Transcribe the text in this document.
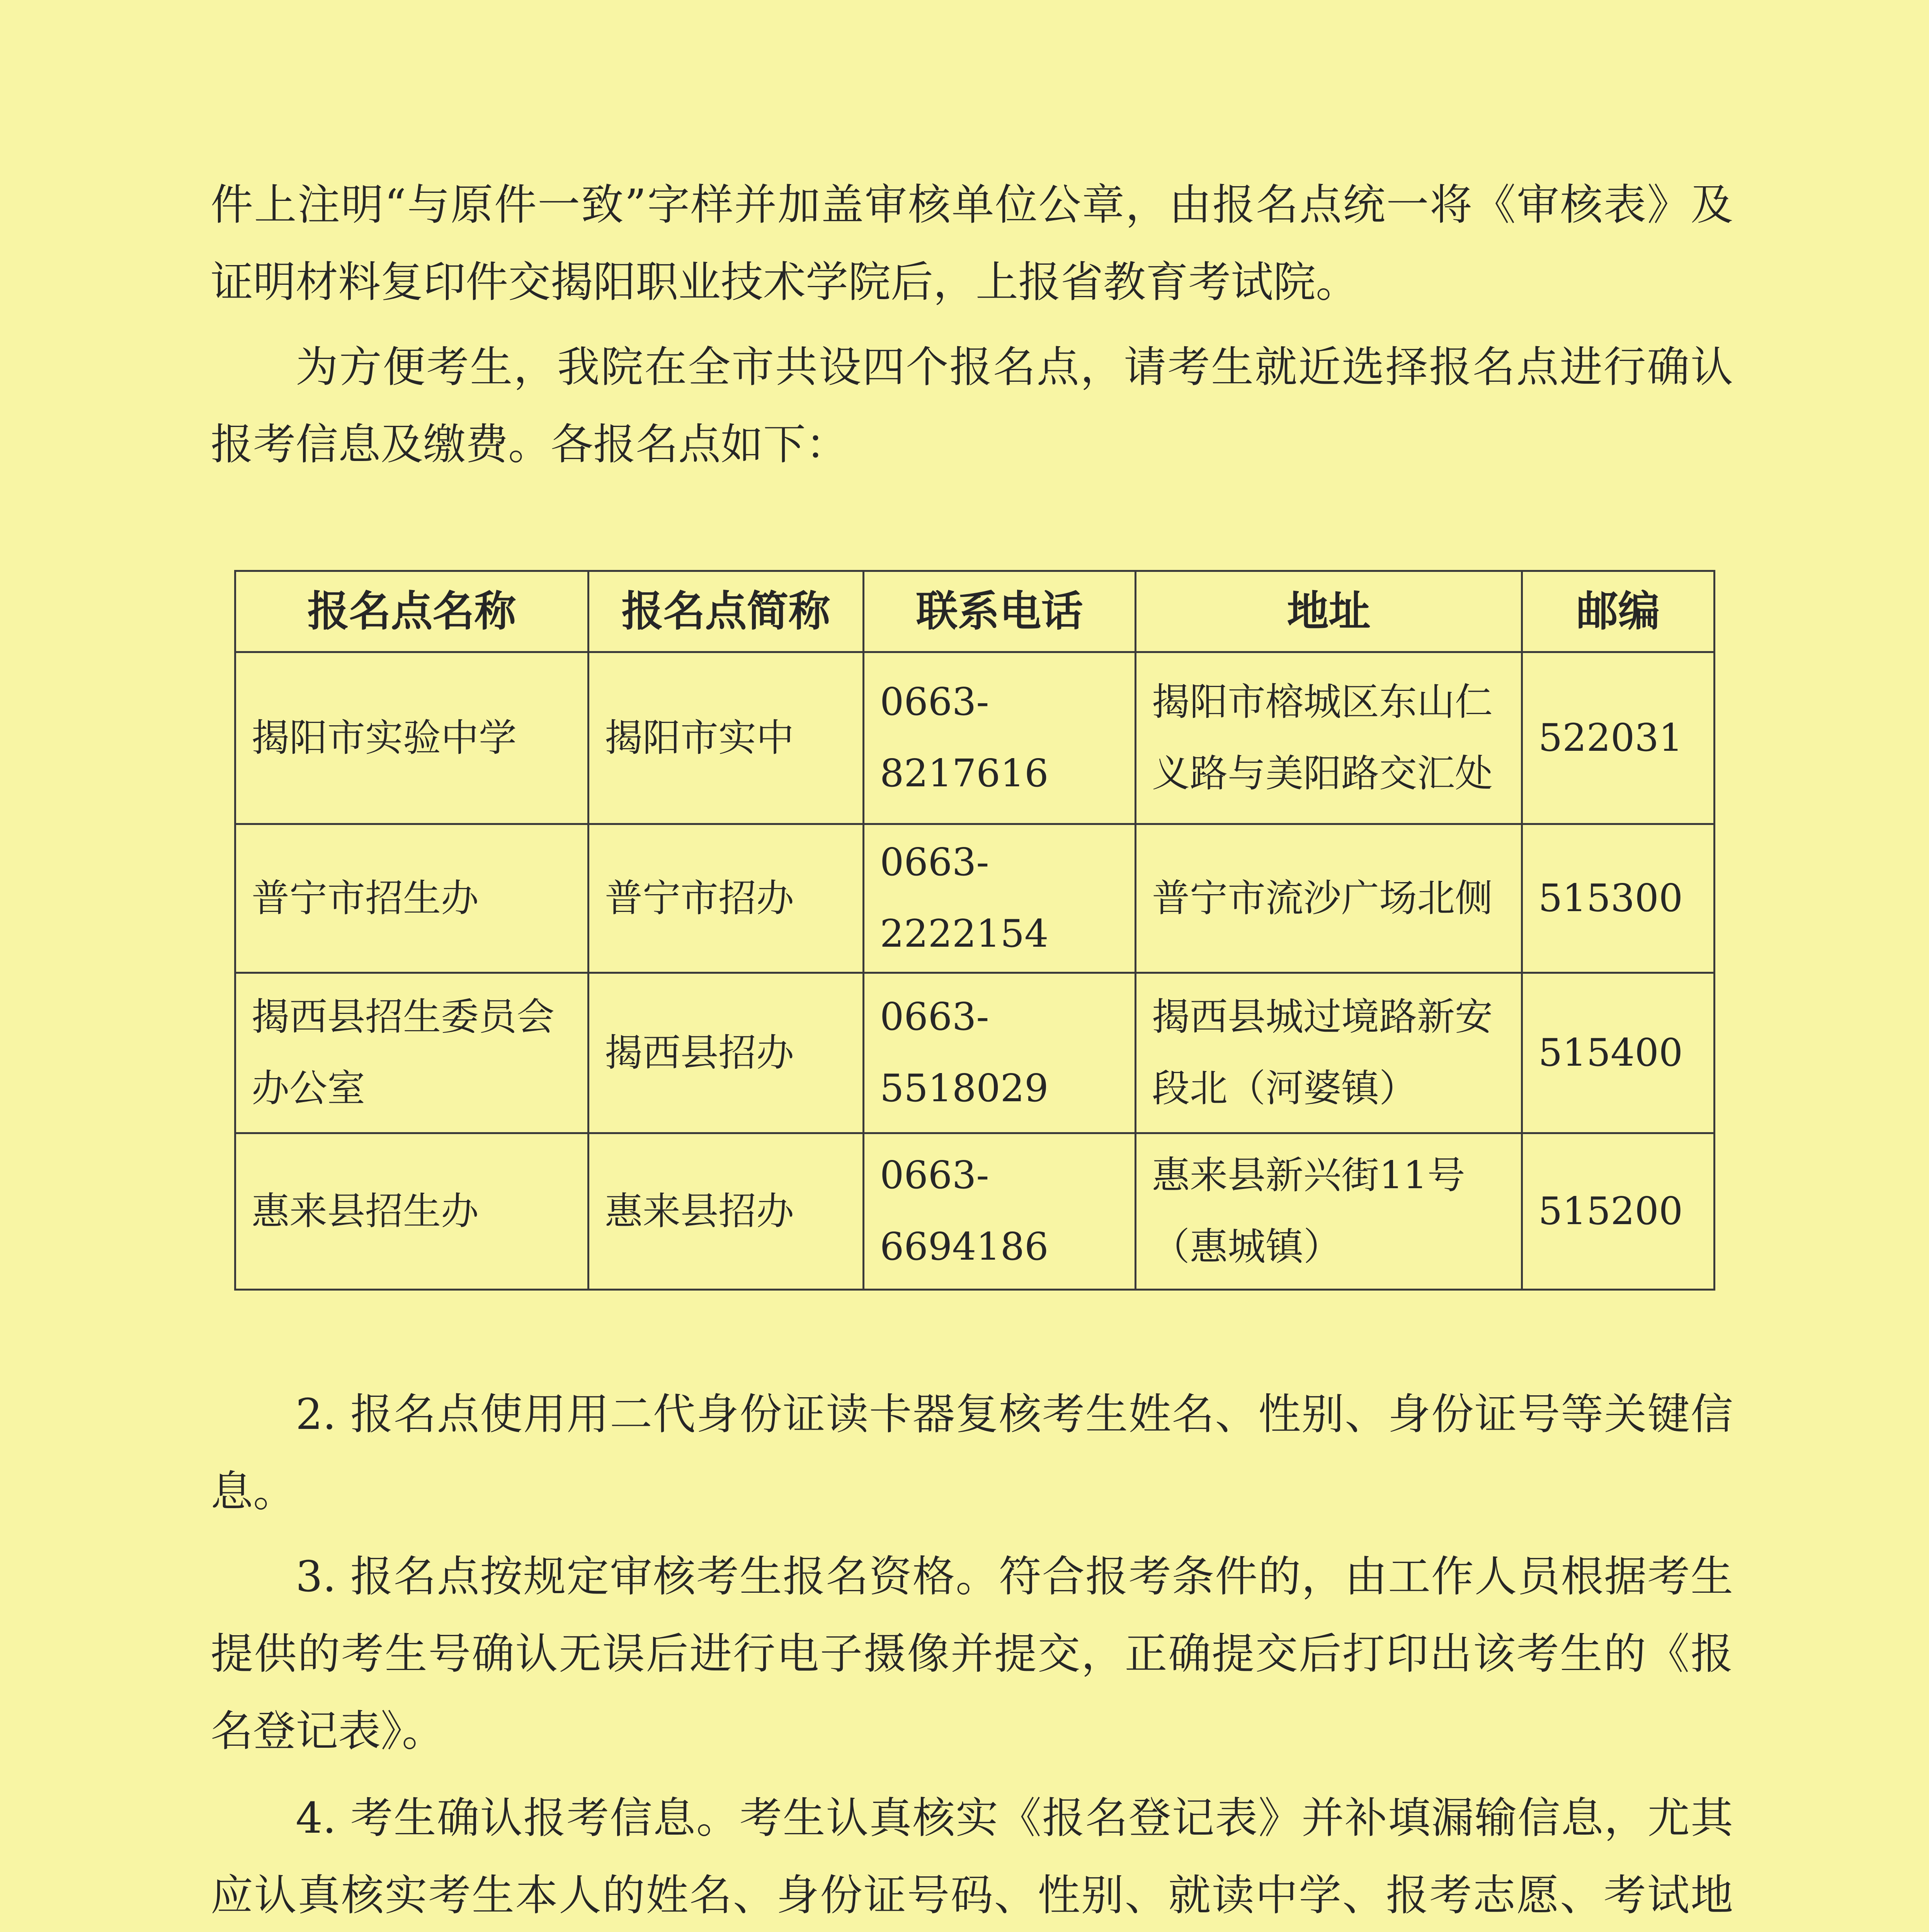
件上注明“与原件一致”字样并加盖审核单位公章，由报名点统一将《审核表》及证明材料复印件交揭阳职业技术学院后，上报省教育考试院。

为方便考生，我院在全市共设四个报名点，请考生就近选择报名点进行确认报考信息及缴费。各报名点如下：

报名点名称	报名点简称	联系电话	地址	邮编
揭阳市实验中学	揭阳市实中	0663-8217616	揭阳市榕城区东山仁义路与美阳路交汇处	522031
普宁市招生办	普宁市招办	0663-2222154	普宁市流沙广场北侧	515300
揭西县招生委员会办公室	揭西县招办	0663-5518029	揭西县城过境路新安段北（河婆镇）	515400
惠来县招生办	惠来县招办	0663-6694186	惠来县新兴街11号（惠城镇）	515200

2. 报名点使用用二代身份证读卡器复核考生姓名、性别、身份证号等关键信息。

3. 报名点按规定审核考生报名资格。符合报考条件的，由工作人员根据考生提供的考生号确认无误后进行电子摄像并提交，正确提交后打印出该考生的《报名登记表》。

4. 考生确认报考信息。考生认真核实《报名登记表》并补填漏输信息，尤其应认真核实考生本人的姓名、身份证号码、性别、就读中学、报考志愿、考试地
